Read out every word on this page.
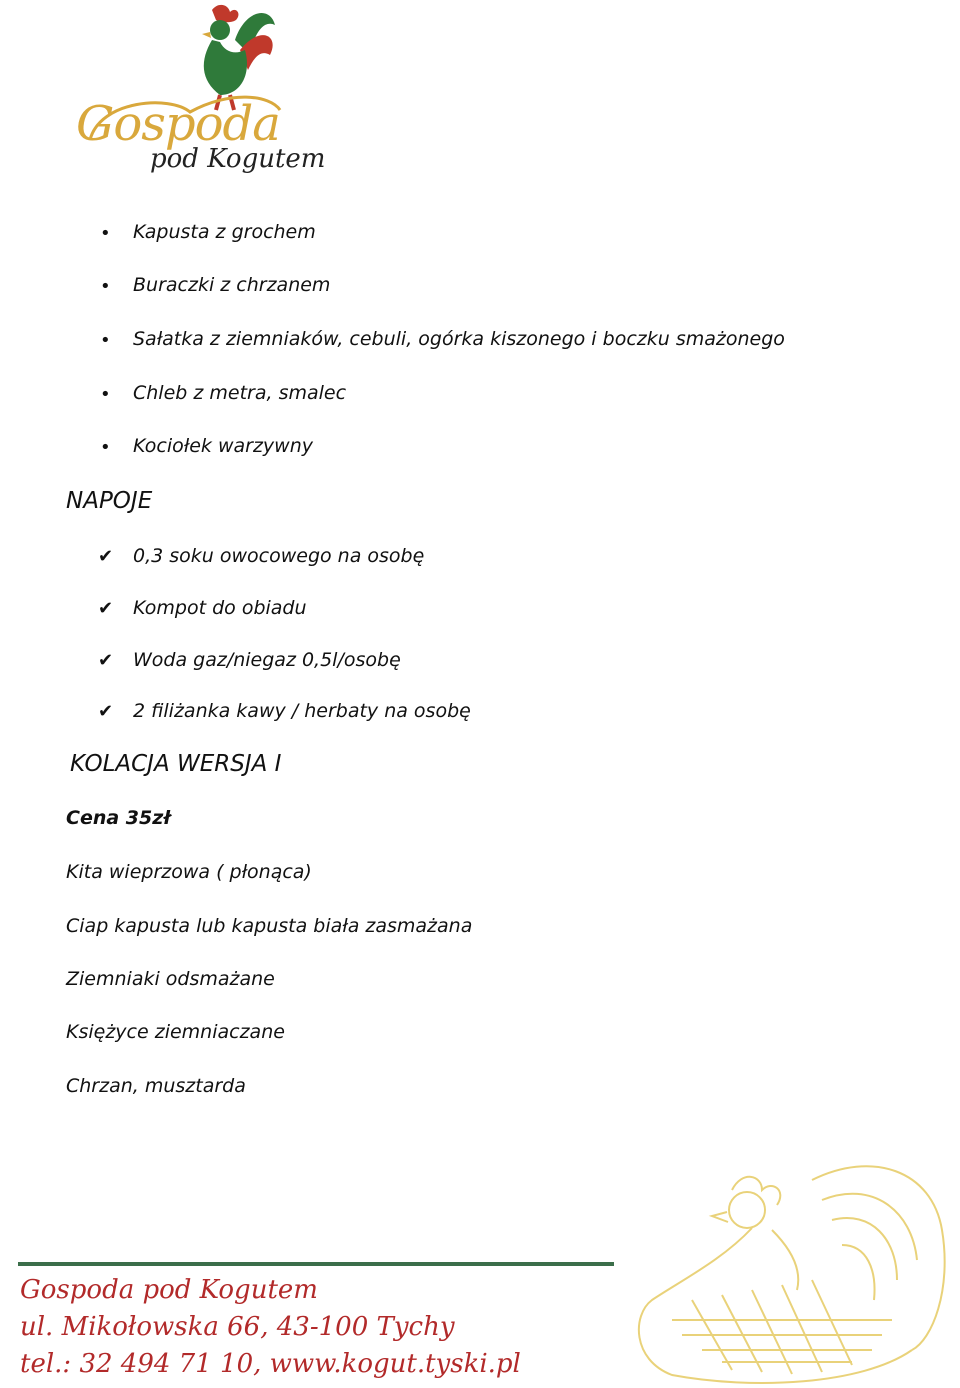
Gospoda
pod Kogutem
• Kapusta z grochem
• Buraczki z chrzanem
• Sałatka z ziemniaków, cebuli, ogórka kiszonego i boczku smażonego
• Chleb z metra, smalec
• Kociołek warzywny
NAPOJE
✔ 0,3 soku owocowego na osobę
✔ Kompot do obiadu
✔ Woda gaz/niegaz 0,5l/osobę
✔ 2 filiżanka kawy / herbaty na osobę
KOLACJA WERSJA I
Cena 35zł
Kita wieprzowa ( płonąca)
Ciap kapusta lub kapusta biała zasmażana
Ziemniaki odsmażane
Księżyce ziemniaczane
Chrzan, musztarda
Gospoda pod Kogutem
ul. Mikołowska 66, 43-100 Tychy
tel.: 32 494 71 10, www.kogut.tyski.pl
